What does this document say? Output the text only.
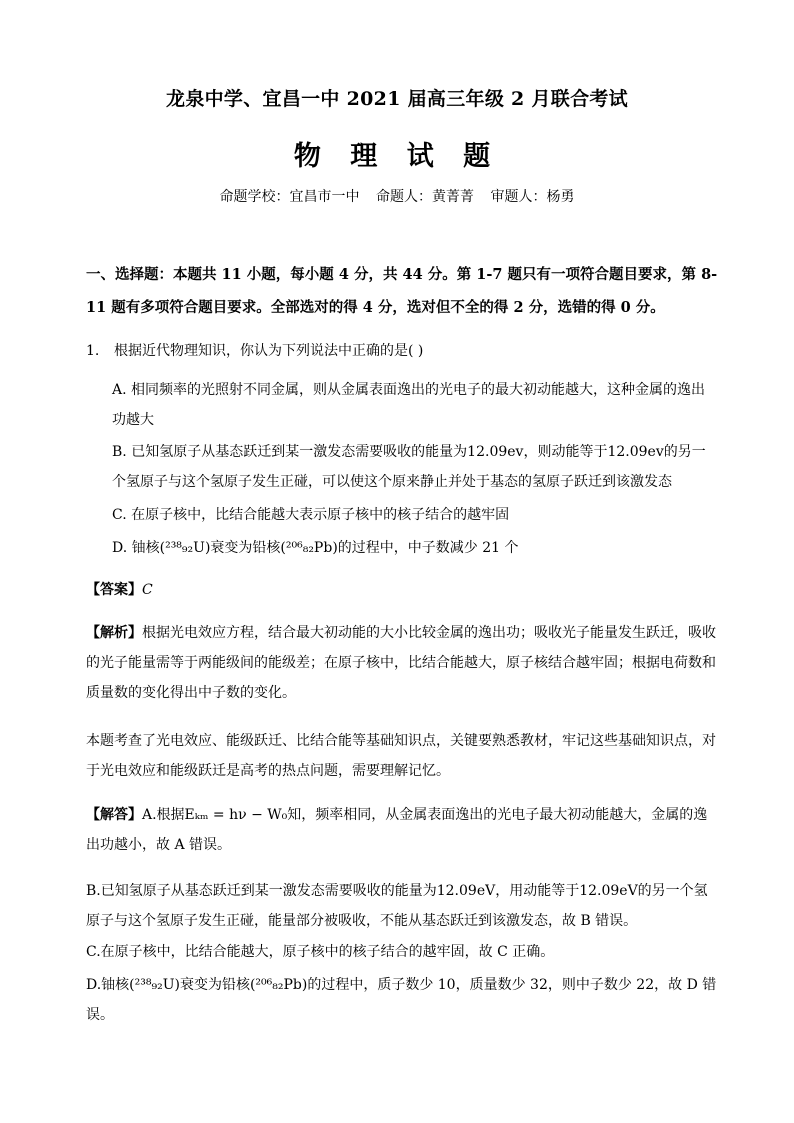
龙泉中学、宜昌一中 2021 届高三年级 2 月联合考试
物 理 试 题
命题学校：宜昌市一中 命题人：黄菁菁 审题人：杨勇
一、选择题：本题共 11 小题，每小题 4 分，共 44 分。第 1-7 题只有一项符合题目要求，第 8-11 题有多项符合题目要求。全部选对的得 4 分，选对但不全的得 2 分，选错的得 0 分。
1. 根据近代物理知识，你认为下列说法中正确的是( )
A. 相同频率的光照射不同金属，则从金属表面逸出的光电子的最大初动能越大，这种金属的逸出功越大
B. 已知氢原子从基态跃迁到某一激发态需要吸收的能量为12.09ev，则动能等于12.09ev的另一个氢原子与这个氢原子发生正碰，可以使这个原来静止并处于基态的氢原子跃迁到该激发态
C. 在原子核中，比结合能越大表示原子核中的核子结合的越牢固
D. 铀核(²³⁸₉₂U)衰变为铅核(²⁰⁶₈₂Pb)的过程中，中子数减少 21 个
【答案】C
【解析】根据光电效应方程，结合最大初动能的大小比较金属的逸出功；吸收光子能量发生跃迁，吸收的光子能量需等于两能级间的能级差；在原子核中，比结合能越大，原子核结合越牢固；根据电荷数和质量数的变化得出中子数的变化。
本题考查了光电效应、能级跃迁、比结合能等基础知识点，关键要熟悉教材，牢记这些基础知识点，对于光电效应和能级跃迁是高考的热点问题，需要理解记忆。
【解答】A.根据Eₖₘ = hν − W₀知，频率相同，从金属表面逸出的光电子最大初动能越大，金属的逸出功越小，故 A 错误。
B.已知氢原子从基态跃迁到某一激发态需要吸收的能量为12.09eV，用动能等于12.09eV的另一个氢原子与这个氢原子发生正碰，能量部分被吸收，不能从基态跃迁到该激发态，故 B 错误。
C.在原子核中，比结合能越大，原子核中的核子结合的越牢固，故 C 正确。
D.铀核(²³⁸₉₂U)衰变为铅核(²⁰⁶₈₂Pb)的过程中，质子数少 10，质量数少 32，则中子数少 22，故 D 错误。
